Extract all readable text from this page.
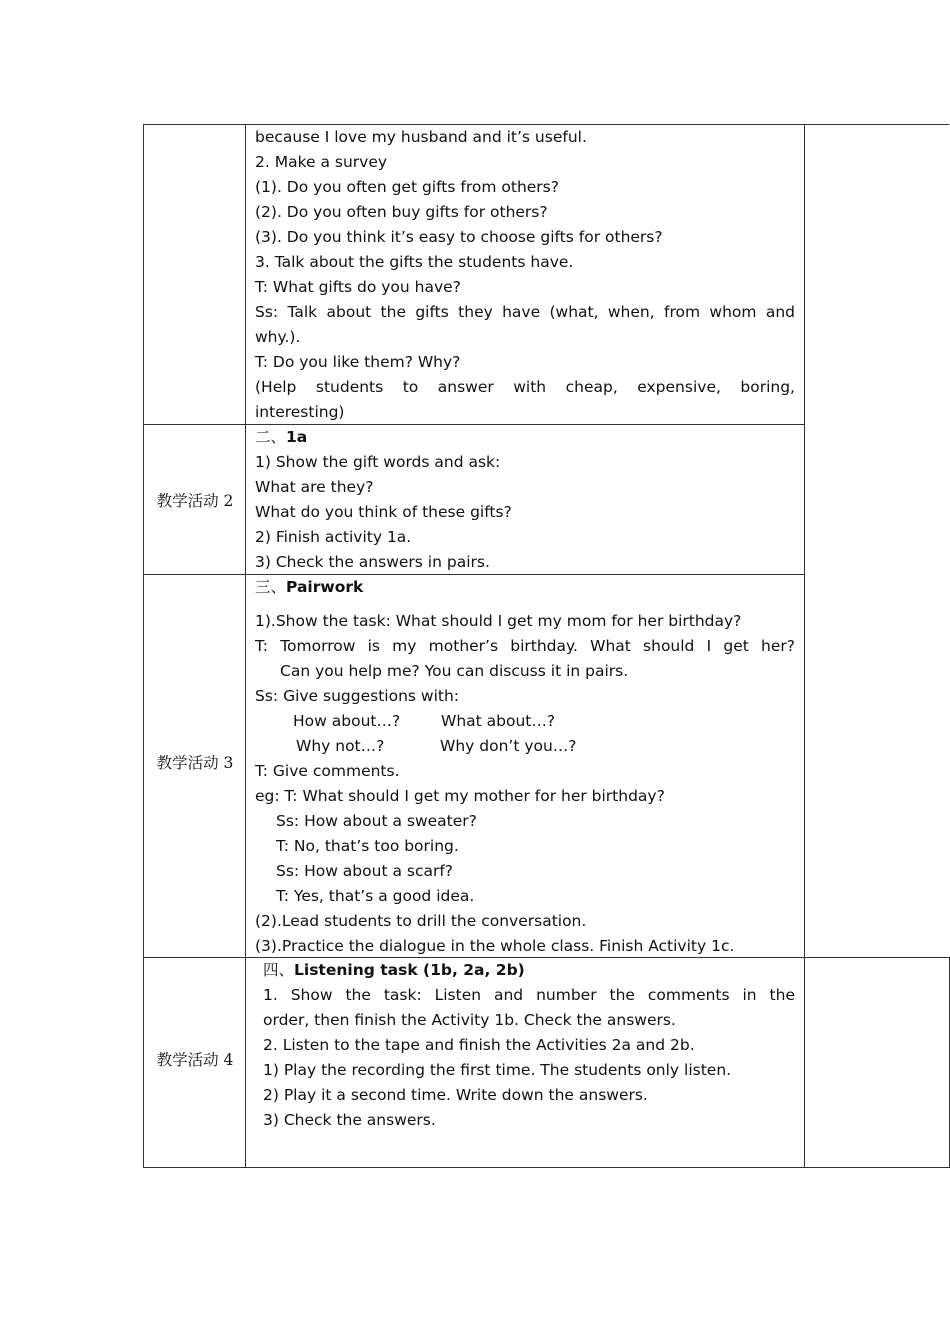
because I love my husband and it’s useful.
2. Make a survey
(1). Do you often get gifts from others?
(2). Do you often buy gifts for others?
(3). Do you think it’s easy to choose gifts for others?
3. Talk about the gifts the students have.
T: What gifts do you have?
Ss: Talk about the gifts they have (what, when, from whom and
why.).
T: Do you like them? Why?
(Help students to answer with cheap, expensive, boring,
interesting)
教学活动 2
二、1a
1) Show the gift words and ask:
What are they?
What do you think of these gifts?
2) Finish activity 1a.
3) Check the answers in pairs.
教学活动 3
三、Pairwork
1).Show the task: What should I get my mom for her birthday?
T: Tomorrow is my mother’s birthday. What should I get her?
Can you help me? You can discuss it in pairs.
Ss: Give suggestions with:
How about…?	What about…?
Why not…?	Why don’t you…?
T: Give comments.
eg: T: What should I get my mother for her birthday?
Ss: How about a sweater?
T: No, that’s too boring.
Ss: How about a scarf?
T: Yes, that’s a good idea.
(2).Lead students to drill the conversation.
(3).Practice the dialogue in the whole class. Finish Activity 1c.
教学活动 4
四、Listening task (1b, 2a, 2b)
1. Show the task: Listen and number the comments in the
order, then finish the Activity 1b. Check the answers.
2. Listen to the tape and finish the Activities 2a and 2b.
1) Play the recording the first time. The students only listen.
2) Play it a second time. Write down the answers.
3) Check the answers.
